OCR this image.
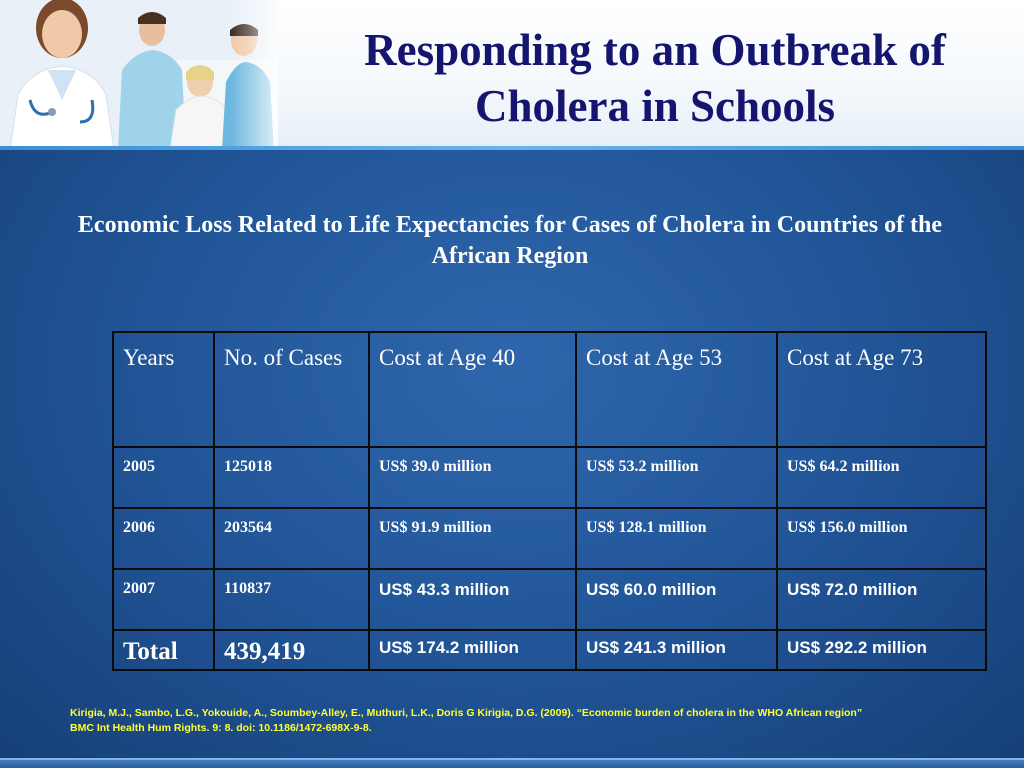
Responding to an Outbreak of Cholera in Schools
Economic Loss Related to Life Expectancies for Cases of Cholera in Countries of the African Region
Years	No. of Cases	Cost at Age 40	Cost at Age 53	Cost at Age 73
2005	125018	US$ 39.0 million	US$ 53.2 million	US$ 64.2 million
2006	203564	US$ 91.9 million	US$ 128.1 million	US$ 156.0 million
2007	110837	US$ 43.3 million	US$ 60.0 million	US$ 72.0 million
Total	439,419	US$ 174.2 million	US$ 241.3 million	US$ 292.2 million

Kirigia, M.J., Sambo, L.G., Yokouide, A., Soumbey-Alley, E., Muthuri, L.K., Doris G Kirigia, D.G. (2009). “Economic burden of cholera in the WHO African region”
BMC Int Health Hum Rights. 9: 8. doi: 10.1186/1472-698X-9-8.
